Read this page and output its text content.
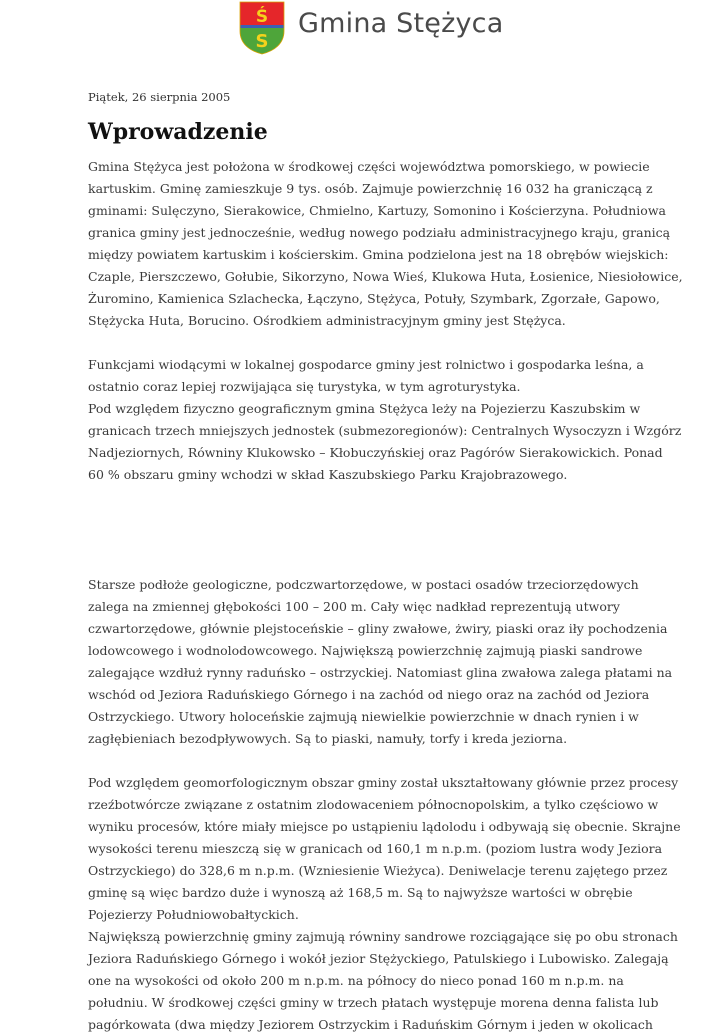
Ś
S
Gmina Stężyca

Piątek, 26 sierpnia 2005

Wprowadzenie

Gmina Stężyca jest położona w środkowej części województwa pomorskiego, w powiecie
kartuskim. Gminę zamieszkuje 9 tys. osób. Zajmuje powierzchnię 16 032 ha graniczącą z
gminami: Sulęczyno, Sierakowice, Chmielno, Kartuzy, Somonino i Kościerzyna. Południowa
granica gminy jest jednocześnie, według nowego podziału administracyjnego kraju, granicą
między powiatem kartuskim i kościerskim. Gmina podzielona jest na 18 obrębów wiejskich:
Czaple, Pierszczewo, Gołubie, Sikorzyno, Nowa Wieś, Klukowa Huta, Łosienice, Niesiołowice,
Żuromino, Kamienica Szlachecka, Łączyno, Stężyca, Potuły, Szymbark, Zgorzałe, Gapowo,
Stężycka Huta, Borucino. Ośrodkiem administracyjnym gminy jest Stężyca.

Funkcjami wiodącymi w lokalnej gospodarce gminy jest rolnictwo i gospodarka leśna, a
ostatnio coraz lepiej rozwijająca się turystyka, w tym agroturystyka.
Pod względem fizyczno geograficznym gmina Stężyca leży na Pojezierzu Kaszubskim w
granicach trzech mniejszych jednostek (submezoregionów): Centralnych Wysoczyzn i Wzgórz
Nadjeziornych, Równiny Klukowsko – Kłobuczyńskiej oraz Pagórów Sierakowickich. Ponad
60 % obszaru gminy wchodzi w skład Kaszubskiego Parku Krajobrazowego.

Starsze podłoże geologiczne, podczwartorzędowe, w postaci osadów trzeciorzędowych
zalega na zmiennej głębokości 100 – 200 m. Cały więc nadkład reprezentują utwory
czwartorzędowe, głównie plejstoceńskie – gliny zwałowe, żwiry, piaski oraz iły pochodzenia
lodowcowego i wodnolodowcowego. Największą powierzchnię zajmują piaski sandrowe
zalegające wzdłuż rynny raduńsko – ostrzyckiej. Natomiast glina zwałowa zalega płatami na
wschód od Jeziora Raduńskiego Górnego i na zachód od niego oraz na zachód od Jeziora
Ostrzyckiego. Utwory holoceńskie zajmują niewielkie powierzchnie w dnach rynien i w
zagłębieniach bezodpływowych. Są to piaski, namuły, torfy i kreda jeziorna.

Pod względem geomorfologicznym obszar gminy został ukształtowany głównie przez procesy
rzeźbotwórcze związane z ostatnim zlodowaceniem północnopolskim, a tylko częściowo w
wyniku procesów, które miały miejsce po ustąpieniu lądolodu i odbywają się obecnie. Skrajne
wysokości terenu mieszczą się w granicach od 160,1 m n.p.m. (poziom lustra wody Jeziora
Ostrzyckiego) do 328,6 m n.p.m. (Wzniesienie Wieżyca). Deniwelacje terenu zajętego przez
gminę są więc bardzo duże i wynoszą aż 168,5 m. Są to najwyższe wartości w obrębie
Pojezierzy Południowobałtyckich.
Największą powierzchnię gminy zajmują równiny sandrowe rozciągające się po obu stronach
Jeziora Raduńskiego Górnego i wokół jezior Stężyckiego, Patulskiego i Lubowisko. Zalegają
one na wysokości od około 200 m n.p.m. na północy do nieco ponad 160 m n.p.m. na
południu. W środkowej części gminy w trzech płatach występuje morena denna falista lub
pagórkowata (dwa między Jeziorem Ostrzyckim i Raduńskim Górnym i jeden w okolicach
